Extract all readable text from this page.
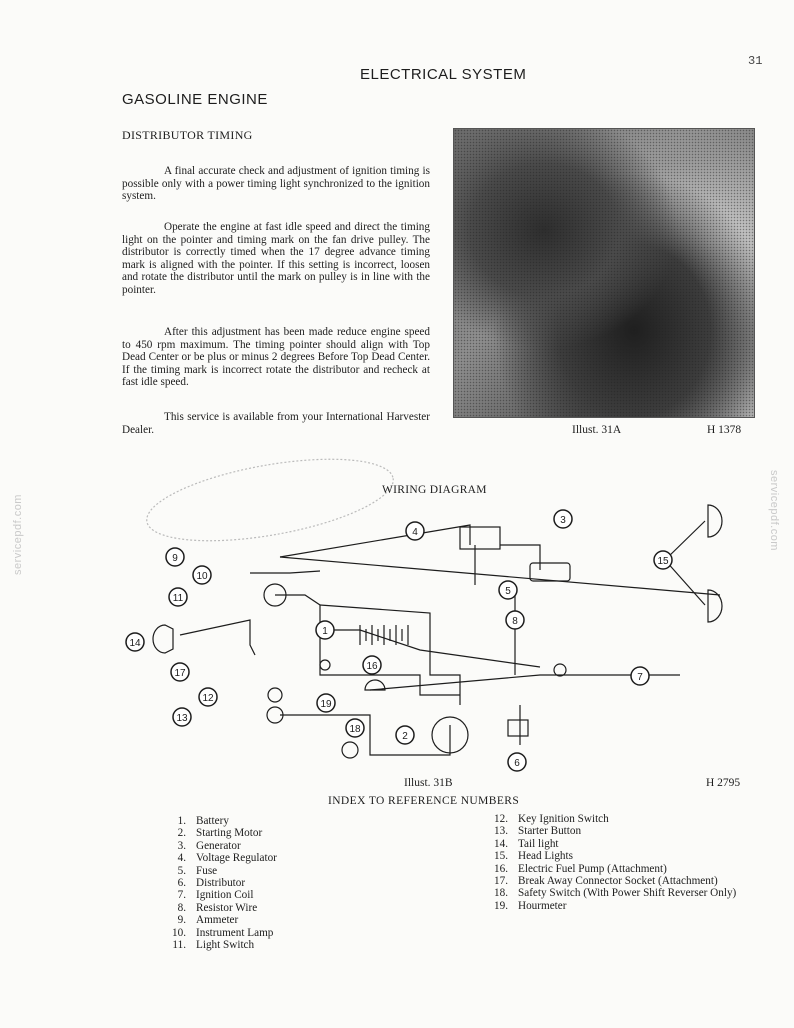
31
ELECTRICAL SYSTEM
GASOLINE ENGINE
DISTRIBUTOR TIMING
A final accurate check and adjustment of ignition timing is possible only with a power timing light synchronized to the ignition system.
Operate the engine at fast idle speed and direct the timing light on the pointer and timing mark on the fan drive pulley. The distributor is correctly timed when the 17 degree advance timing mark is aligned with the pointer. If this setting is incorrect, loosen and rotate the distributor until the mark on pulley is in line with the pointer.
After this adjustment has been made reduce engine speed to 450 rpm maximum. The timing pointer should align with Top Dead Center or be plus or minus 2 degrees Before Top Dead Center. If the timing mark is incorrect rotate the distributor and recheck at fast idle speed.
This service is available from your International Harvester Dealer.	Illust. 31A	H 1378
servicepdf.com	servicepdf.com
1
2
3
4
5
6
7
8
9
10
11
12
13
14
15
16
17
18
19
WIRING DIAGRAM
Illust. 31B	H 2795
INDEX TO REFERENCE NUMBERS
1. Battery
2. Starting Motor
3. Generator
4. Voltage Regulator
5. Fuse
6. Distributor
7. Ignition Coil
8. Resistor Wire
9. Ammeter
10. Instrument Lamp
11. Light Switch
12. Key Ignition Switch
13. Starter Button
14. Tail light
15. Head Lights
16. Electric Fuel Pump (Attachment)
17. Break Away Connector Socket (Attachment)
18. Safety Switch (With Power Shift Reverser Only)
19. Hourmeter
